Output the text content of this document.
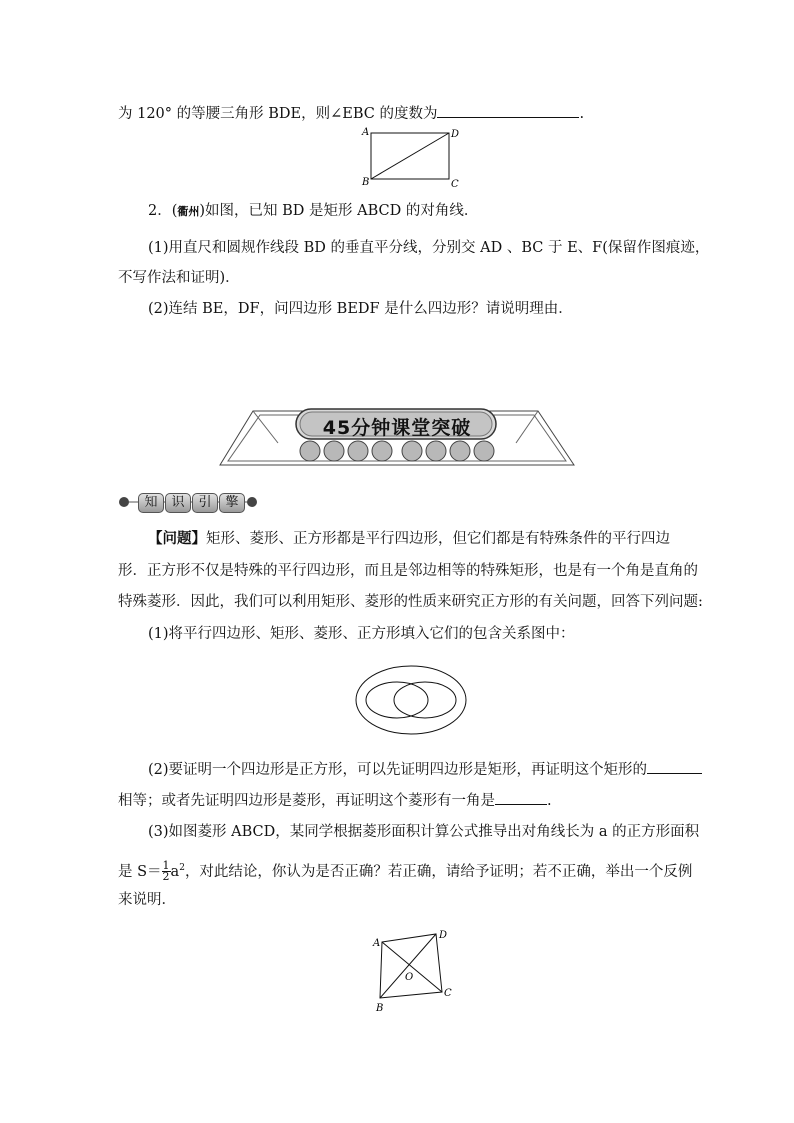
为 120° 的等腰三角形 BDE，则∠EBC 的度数为	.
A
B	C
D
2．(衢州)如图，已知 BD 是矩形 ABCD 的对角线．
(1)用直尺和圆规作线段 BD 的垂直平分线，分别交 AD 、BC 于 E、F(保留作图痕迹，
不写作法和证明)．
(2)连结 BE，DF，问四边形 BEDF 是什么四边形？请说明理由．
45分钟课堂突破
知	识	引	擎
【问题】矩形、菱形、正方形都是平行四边形，但它们都是有特殊条件的平行四边
形．正方形不仅是特殊的平行四边形，而且是邻边相等的特殊矩形，也是有一个角是直角的
特殊菱形．因此，我们可以利用矩形、菱形的性质来研究正方形的有关问题，回答下列问题:
(1)将平行四边形、矩形、菱形、正方形填入它们的包含关系图中：
(2)要证明一个四边形是正方形，可以先证明四边形是矩形，再证明这个矩形的
相等；或者先证明四边形是菱形，再证明这个菱形有一角是	.
(3)如图菱形 ABCD，某同学根据菱形面积计算公式推导出对角线长为 a 的正方形面积
是 $S= \frac{1}{2} a^2$，对此结论，你认为是否正确？若正确，请给予证明；若不正确，举出一个反例
来说明．
A
B
C
D
O
